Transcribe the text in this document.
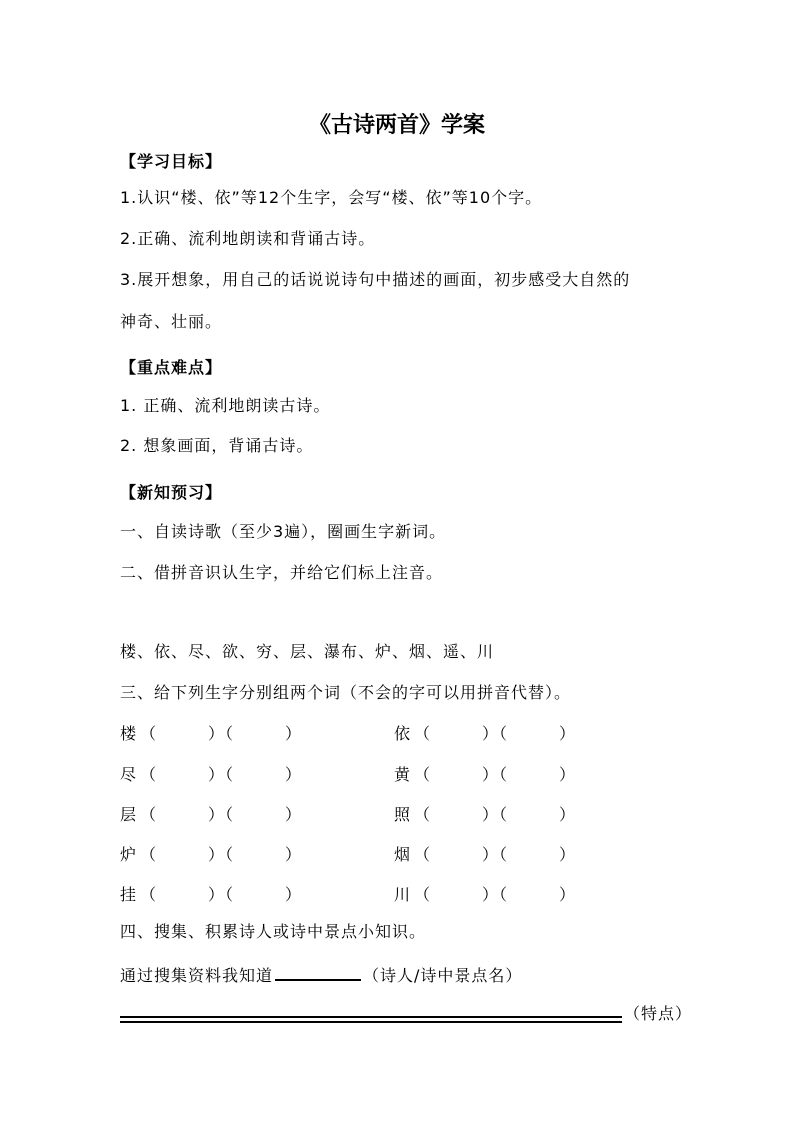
《古诗两首》学案
【学习目标】
1.认识“楼、依”等12个生字，会写“楼、依”等10个字。
2.正确、流利地朗读和背诵古诗。
3.展开想象，用自己的话说说诗句中描述的画面，初步感受大自然的
神奇、壮丽。
【重点难点】
1. 正确、流利地朗读古诗。
2. 想象画面，背诵古诗。
【新知预习】
一、自读诗歌（至少3遍），圈画生字新词。
二、借拼音识认生字，并给它们标上注音。
楼、依、尽、欲、穷、层、瀑布、炉、烟、遥、川
三、给下列生字分别组两个词（不会的字可以用拼音代替）。
楼 （　　　）（　　　）	依 （　　　）（　　　）
尽 （　　　）（　　　）	黄 （　　　）（　　　）
层 （　　　）（　　　）	照 （　　　）（　　　）
炉 （　　　）（　　　）	烟 （　　　）（　　　）
挂 （　　　）（　　　）	川 （　　　）（　　　）
四、搜集、积累诗人或诗中景点小知识。
通过搜集资料我知道	（诗人/诗中景点名）
（特点）
